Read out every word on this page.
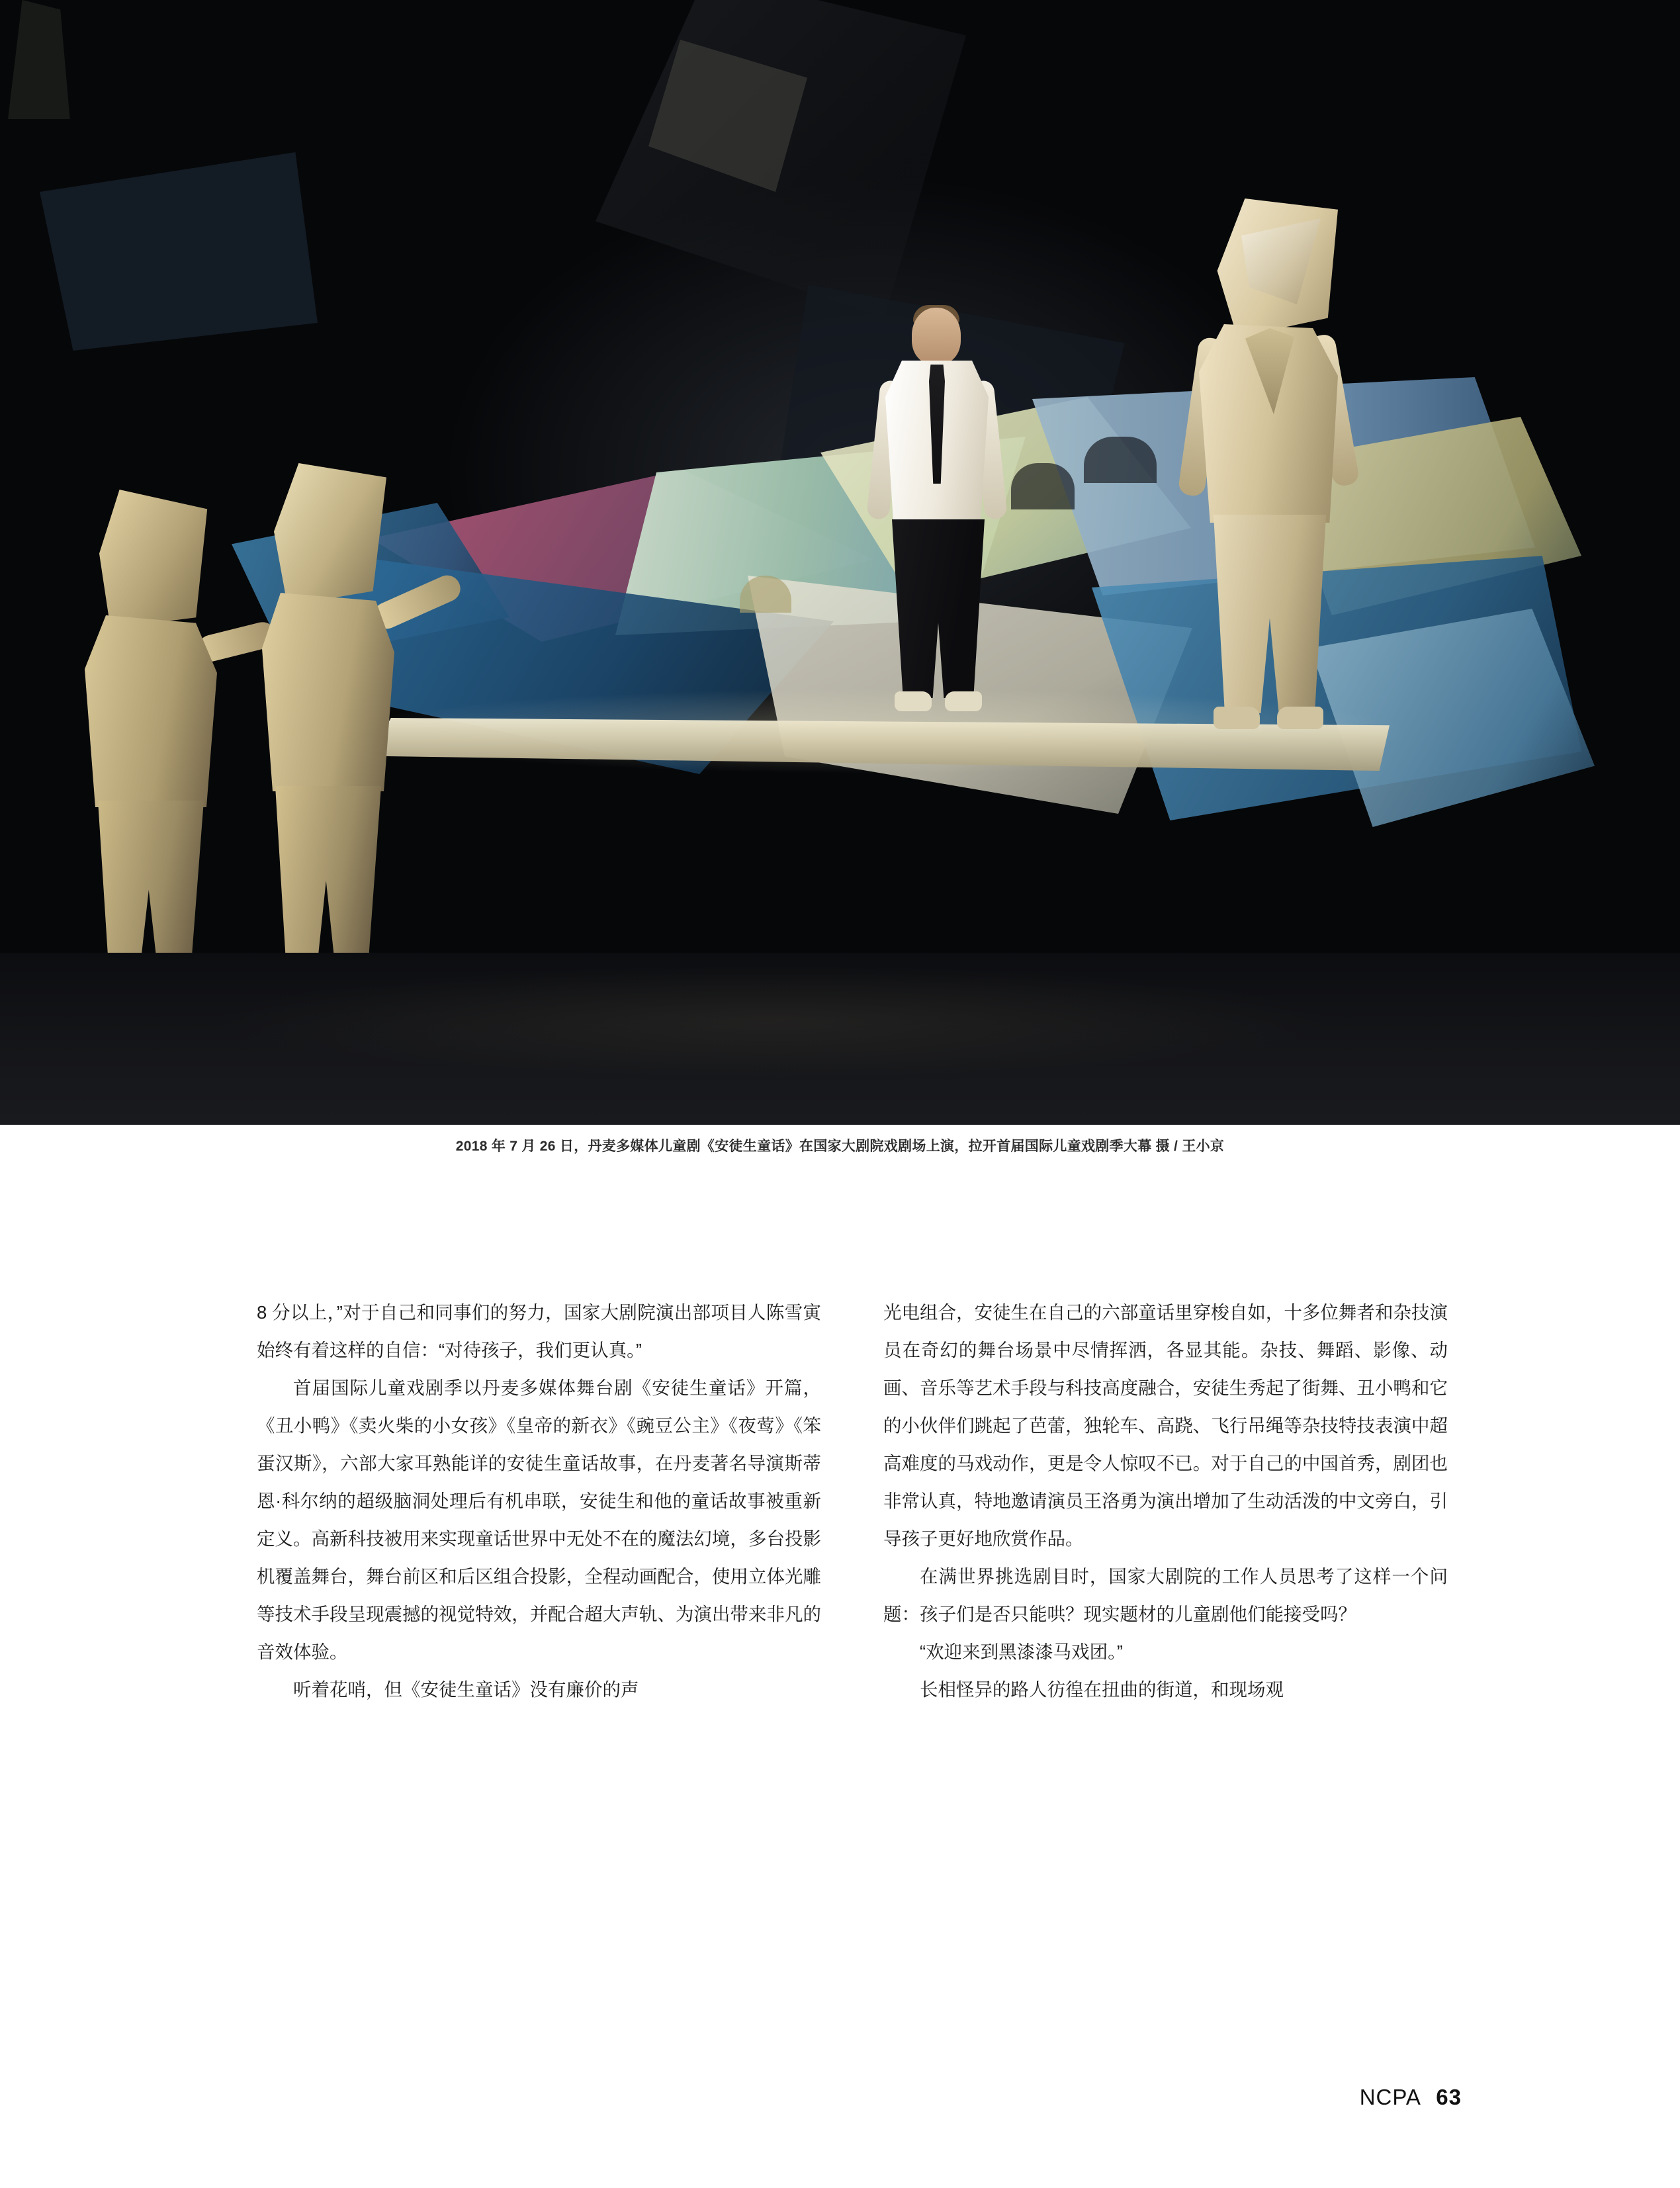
2018 年 7 月 26 日，丹麦多媒体儿童剧《安徒生童话》在国家大剧院戏剧场上演，拉开首届国际儿童戏剧季大幕 摄 / 王小京

8 分以上，”对于自己和同事们的努力，国家大剧院演出部项目人陈雪寅始终有着这样的自信：“对待孩子，我们更认真。”

首届国际儿童戏剧季以丹麦多媒体舞台剧《安徒生童话》开篇，《丑小鸭》《卖火柴的小女孩》《皇帝的新衣》《豌豆公主》《夜莺》《笨蛋汉斯》，六部大家耳熟能详的安徒生童话故事，在丹麦著名导演斯蒂恩·科尔纳的超级脑洞处理后有机串联，安徒生和他的童话故事被重新定义。高新科技被用来实现童话世界中无处不在的魔法幻境，多台投影机覆盖舞台，舞台前区和后区组合投影，全程动画配合，使用立体光雕等技术手段呈现震撼的视觉特效，并配合超大声轨、为演出带来非凡的音效体验。

听着花哨，但《安徒生童话》没有廉价的声

光电组合，安徒生在自己的六部童话里穿梭自如，十多位舞者和杂技演员在奇幻的舞台场景中尽情挥洒，各显其能。杂技、舞蹈、影像、动画、音乐等艺术手段与科技高度融合，安徒生秀起了街舞、丑小鸭和它的小伙伴们跳起了芭蕾，独轮车、高跷、飞行吊绳等杂技特技表演中超高难度的马戏动作，更是令人惊叹不已。对于自己的中国首秀，剧团也非常认真，特地邀请演员王洛勇为演出增加了生动活泼的中文旁白，引导孩子更好地欣赏作品。

在满世界挑选剧目时，国家大剧院的工作人员思考了这样一个问题：孩子们是否只能哄？现实题材的儿童剧他们能接受吗？

“欢迎来到黑漆漆马戏团。”

长相怪异的路人彷徨在扭曲的街道，和现场观

NCPA 63
